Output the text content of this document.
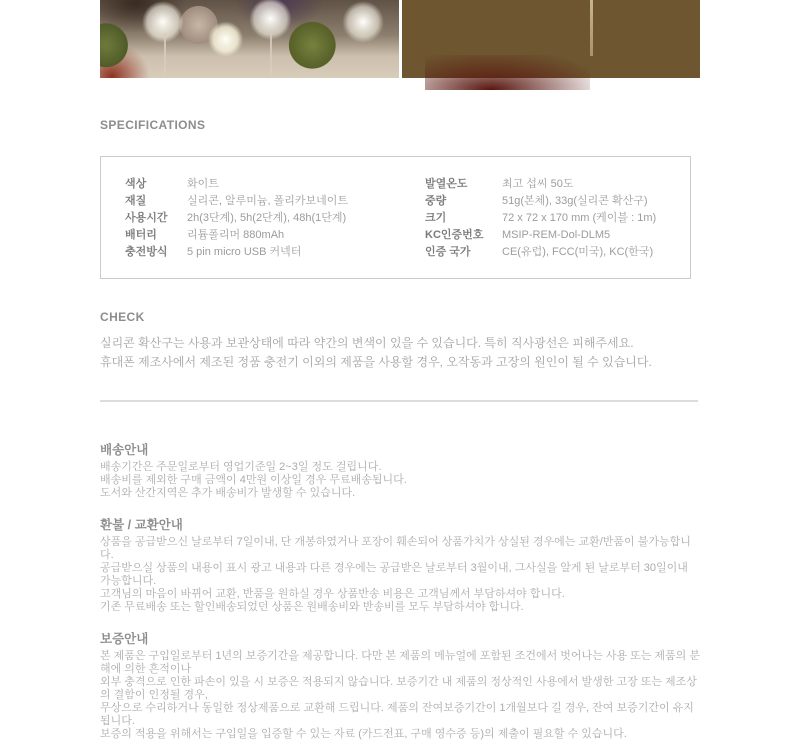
SPECIFICATIONS
색상	화이트
재질	실리콘, 알루미늄, 폴리카보네이트
사용시간	2h(3단계), 5h(2단계), 48h(1단계)
배터리	리튬폴리머 880mAh
충전방식	5 pin micro USB 커넥터
발열온도	최고 섭씨 50도
중량	51g(본체), 33g(실리콘 확산구)
크기	72 x 72 x 170 mm (케이블 : 1m)
KC인증번호	MSIP-REM-Dol-DLM5
인증 국가	CE(유럽), FCC(미국), KC(한국)
CHECK
실리콘 확산구는 사용과 보관상태에 따라 약간의 변색이 있을 수 있습니다. 특히 직사광선은 피해주세요.
휴대폰 제조사에서 제조된 정품 충전기 이외의 제품을 사용할 경우, 오작동과 고장의 원인이 될 수 있습니다.
배송안내
배송기간은 주문일로부터 영업기준일 2~3일 정도 걸립니다.
배송비를 제외한 구매 금액이 4만원 이상일 경우 무료배송됩니다.
도서와 산간지역은 추가 배송비가 발생할 수 있습니다.
환불 / 교환안내
상품을 공급받으신 날로부터 7일이내, 단 개봉하였거나 포장이 훼손되어 상품가치가 상실된 경우에는 교환/반품이 불가능합니다.
공급받으실 상품의 내용이 표시 광고 내용과 다른 경우에는 공급받은 날로부터 3월이내, 그사실을 알게 된 날로부터 30일이내 가능합니다.
고객님의 마음이 바뀌어 교환, 반품을 원하실 경우 상품반송 비용은 고객님께서 부담하셔야 합니다.
기존 무료배송 또는 할인배송되었던 상품은 원배송비와 반송비를 모두 부담하셔야 합니다.
보증안내
본 제품은 구입일로부터 1년의 보증기간을 제공합니다. 다만 본 제품의 메뉴얼에 포함된 조건에서 벗어나는 사용 또는 제품의 분해에 의한 흔적이나
외부 충격으로 인한 파손이 있을 시 보증은 적용되지 않습니다. 보증기간 내 제품의 정상적인 사용에서 발생한 고장 또는 제조상의 결함이 인정될 경우,
무상으로 수리하거나 동일한 정상제품으로 교환해 드립니다. 제품의 잔여보증기간이 1개월보다 길 경우, 잔여 보증기간이 유지됩니다.
보증의 적용을 위해서는 구입일을 입증할 수 있는 자료 (카드전표, 구매 영수증 등)의 제출이 필요할 수 있습니다.
